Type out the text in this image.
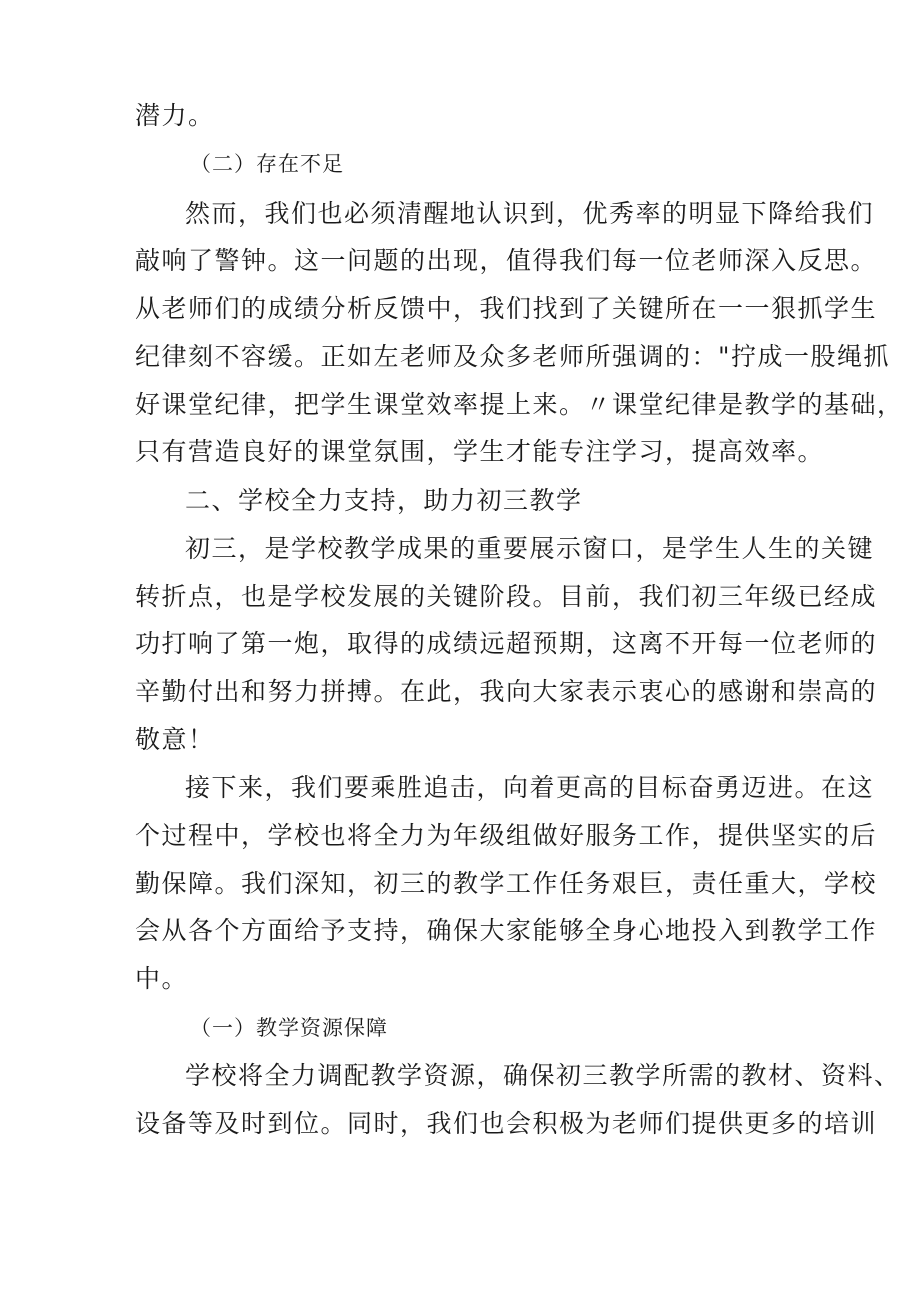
潜力。
（二）存在不足
然而，我们也必须清醒地认识到，优秀率的明显下降给我们
敲响了警钟。这一问题的出现，值得我们每一位老师深入反思。
从老师们的成绩分析反馈中，我们找到了关键所在一一狠抓学生
纪律刻不容缓。正如左老师及众多老师所强调的："拧成一股绳抓
好课堂纪律，把学生课堂效率提上来。〃课堂纪律是教学的基础，
只有营造良好的课堂氛围，学生才能专注学习，提高效率。
二、学校全力支持，助力初三教学
初三，是学校教学成果的重要展示窗口，是学生人生的关键
转折点，也是学校发展的关键阶段。目前，我们初三年级已经成
功打响了第一炮，取得的成绩远超预期，这离不开每一位老师的
辛勤付出和努力拼搏。在此，我向大家表示衷心的感谢和崇高的
敬意！
接下来，我们要乘胜追击，向着更高的目标奋勇迈进。在这
个过程中，学校也将全力为年级组做好服务工作，提供坚实的后
勤保障。我们深知，初三的教学工作任务艰巨，责任重大，学校
会从各个方面给予支持，确保大家能够全身心地投入到教学工作
中。
（一）教学资源保障
学校将全力调配教学资源，确保初三教学所需的教材、资料、
设备等及时到位。同时，我们也会积极为老师们提供更多的培训
